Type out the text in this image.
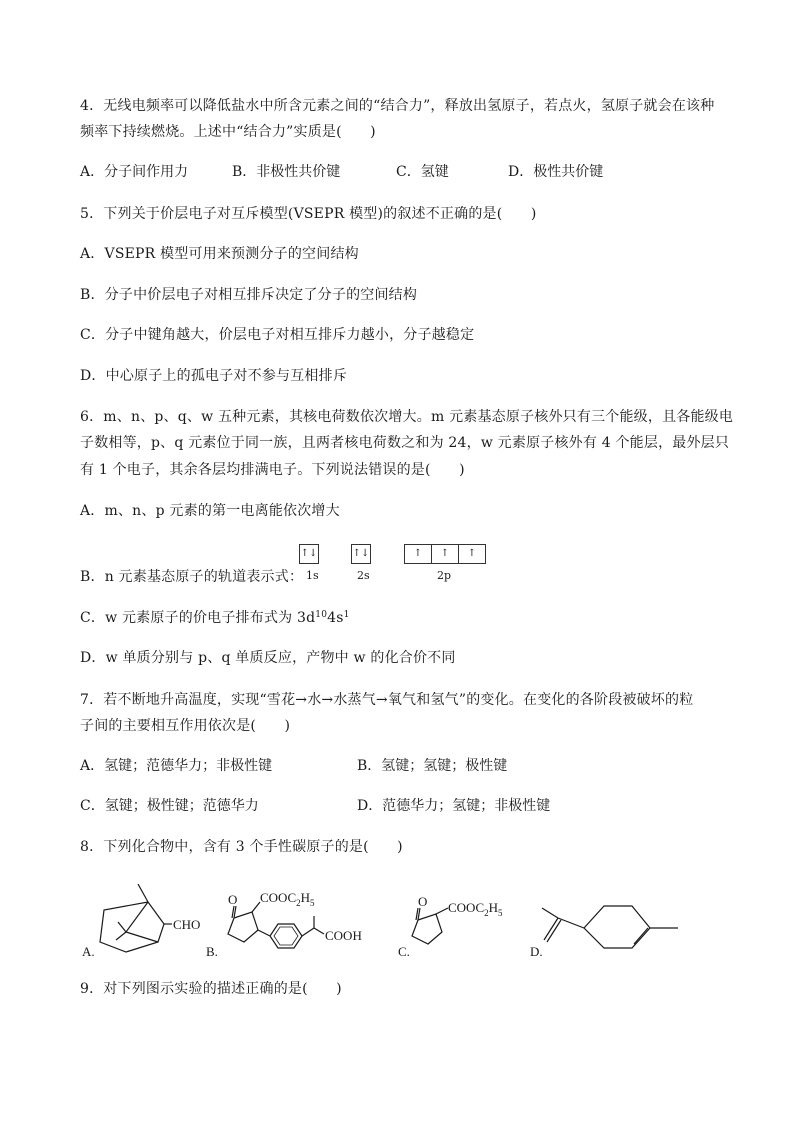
4．无线电频率可以降低盐水中所含元素之间的“结合力”，释放出氢原子，若点火，氢原子就会在该种
频率下持续燃烧。上述中“结合力”实质是(　　)
A．分子间作用力	B．非极性共价键	C．氢键	D．极性共价键
5．下列关于价层电子对互斥模型(VSEPR 模型)的叙述不正确的是(　　)
A．VSEPR 模型可用来预测分子的空间结构
B．分子中价层电子对相互排斥决定了分子的空间结构
C．分子中键角越大，价层电子对相互排斥力越小，分子越稳定
D．中心原子上的孤电子对不参与互相排斥
6．m、n、p、q、w 五种元素，其核电荷数依次增大。m 元素基态原子核外只有三个能级，且各能级电
子数相等，p、q 元素位于同一族，且两者核电荷数之和为 24，w 元素原子核外有 4 个能层，最外层只
有 1 个电子，其余各层均排满电子。下列说法错误的是(　　)
A．m、n、p 元素的第一电离能依次增大
B．n 元素基态原子的轨道表示式：
↑↓
1s
↑↓
2s
↑	↑	↑
2p
C．w 元素原子的价电子排布式为 $3d^{10}4s^1$
D．w 单质分别与 p、q 单质反应，产物中 w 的化合价不同
7．若不断地升高温度，实现“雪花→水→水蒸气→氧气和氢气”的变化。在变化的各阶段被破坏的粒
子间的主要相互作用依次是(　　)
A．氢键；范德华力；非极性键	B．氢键；氢键；极性键
C．氢键；极性键；范德华力	D．范德华力；氢键；非极性键
8．下列化合物中，含有 3 个手性碳原子的是(　　)
CHO
A.
O $COOC_2H_5$
COOH
B.
O $COOC_2H_5$
C.	D.
9．对下列图示实验的描述正确的是(　　)
